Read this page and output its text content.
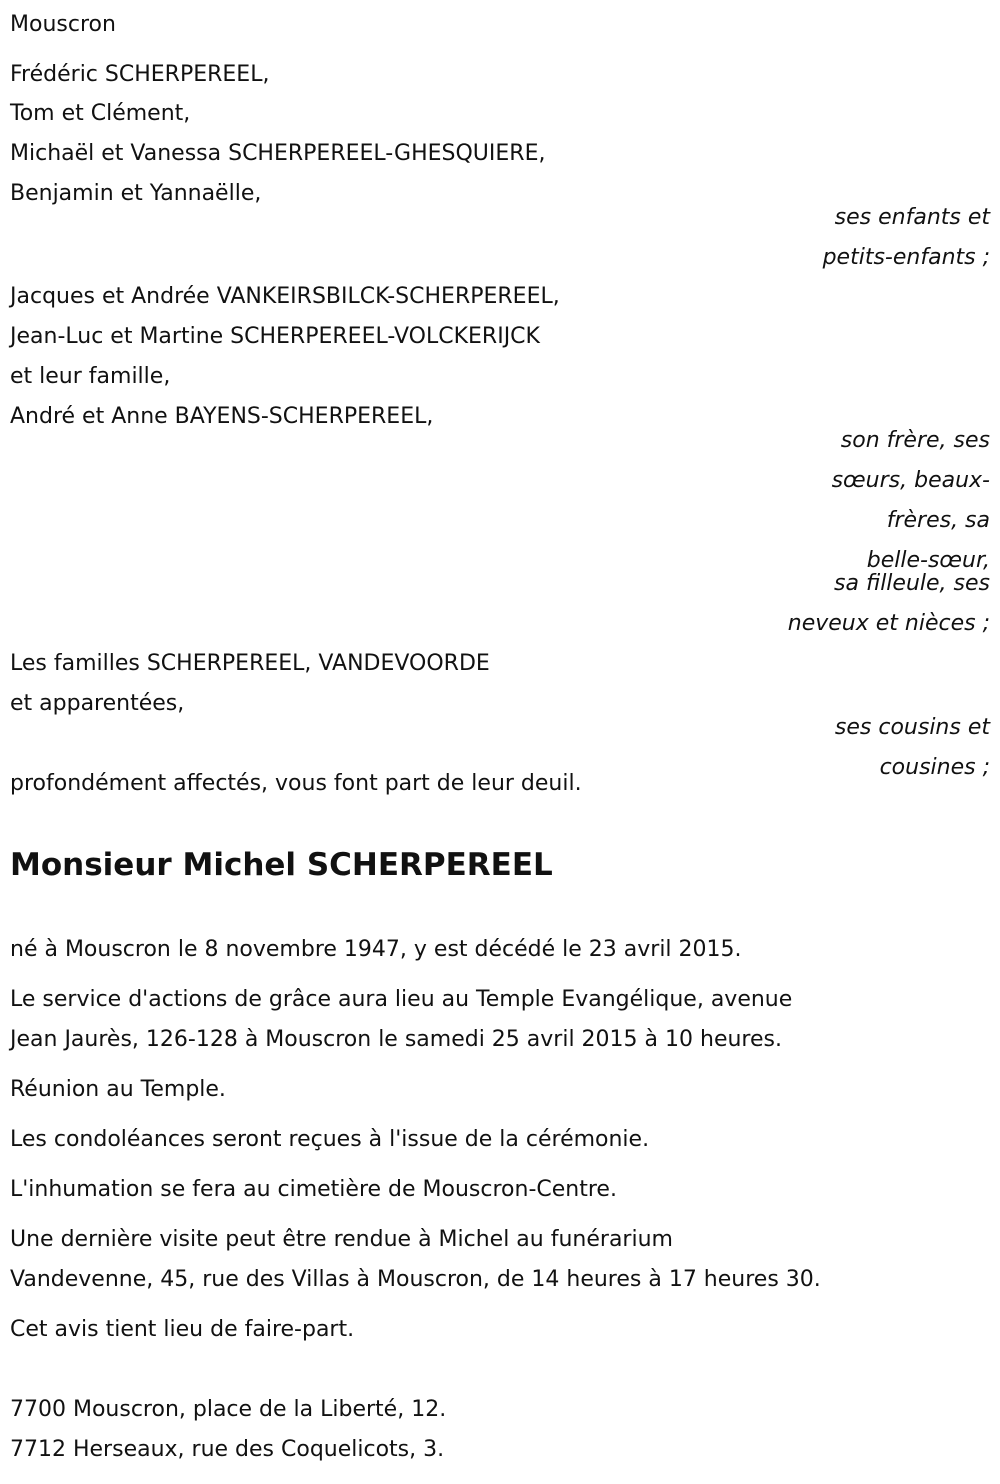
Mouscron
Frédéric SCHERPEREEL,
Tom et Clément,
Michaël et Vanessa SCHERPEREEL-GHESQUIERE,
Benjamin et Yannaëlle,
ses enfants et
petits-enfants ;
Jacques et Andrée VANKEIRSBILCK-SCHERPEREEL,
Jean-Luc et Martine SCHERPEREEL-VOLCKERIJCK
et leur famille,
André et Anne BAYENS-SCHERPEREEL,
son frère, ses
sœurs, beaux-
frères, sa
belle-sœur,
sa filleule, ses
neveux et nièces ;
Les familles SCHERPEREEL, VANDEVOORDE
et apparentées,
ses cousins et
cousines ;
profondément affectés, vous font part de leur deuil.
Monsieur Michel SCHERPEREEL
né à Mouscron le 8 novembre 1947, y est décédé le 23 avril 2015.
Le service d'actions de grâce aura lieu au Temple Evangélique, avenue
Jean Jaurès, 126-128 à Mouscron le samedi 25 avril 2015 à 10 heures.
Réunion au Temple.
Les condoléances seront reçues à l'issue de la cérémonie.
L'inhumation se fera au cimetière de Mouscron-Centre.
Une dernière visite peut être rendue à Michel au funérarium
Vandevenne, 45, rue des Villas à Mouscron, de 14 heures à 17 heures 30.
Cet avis tient lieu de faire-part.
7700 Mouscron, place de la Liberté, 12.
7712 Herseaux, rue des Coquelicots, 3.
